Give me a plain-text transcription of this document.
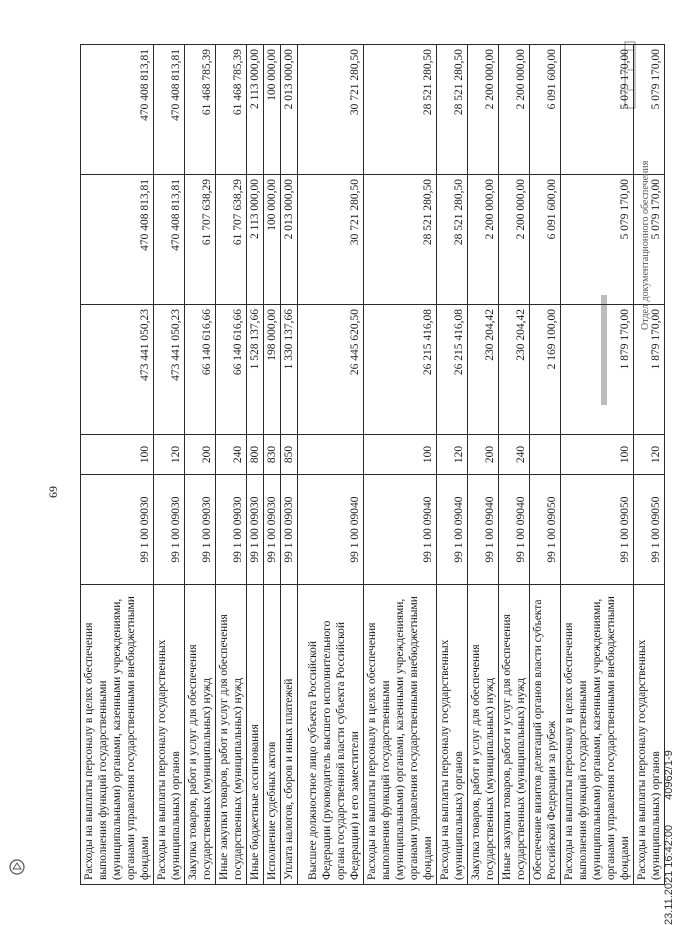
69
Расходы на выплаты персоналу в целях обеспечения выполнения функций государственными (муниципальными) органами, казенными учреждениями, органами управления государственными внебюджетными фондами	99 1 00 09030	100	473 441 050,23	470 408 813,81	470 408 813,81
Расходы на выплаты персоналу государственных (муниципальных) органов	99 1 00 09030	120	473 441 050,23	470 408 813,81	470 408 813,81
Закупка товаров, работ и услуг для обеспечения государственных (муниципальных) нужд	99 1 00 09030	200	66 140 616,66	61 707 638,29	61 468 785,39
Иные закупки товаров, работ и услуг для обеспечения государственных (муниципальных) нужд	99 1 00 09030	240	66 140 616,66	61 707 638,29	61 468 785,39
Иные бюджетные ассигнования	99 1 00 09030	800	1 528 137,66	2 113 000,00	2 113 000,00
Исполнение судебных актов	99 1 00 09030	830	198 000,00	100 000,00	100 000,00
Уплата налогов, сборов и иных платежей	99 1 00 09030	850	1 330 137,66	2 013 000,00	2 013 000,00
Высшее должностное лицо субъекта Российской Федерации (руководитель высшего исполнительного органа государственной власти субъекта Российской Федерации) и его заместители	99 1 00 09040		26 445 620,50	30 721 280,50	30 721 280,50
Расходы на выплаты персоналу в целях обеспечения выполнения функций государственными (муниципальными) органами, казенными учреждениями, органами управления государственными внебюджетными фондами	99 1 00 09040	100	26 215 416,08	28 521 280,50	28 521 280,50
Расходы на выплаты персоналу государственных (муниципальных) органов	99 1 00 09040	120	26 215 416,08	28 521 280,50	28 521 280,50
Закупка товаров, работ и услуг для обеспечения государственных (муниципальных) нужд	99 1 00 09040	200	230 204,42	2 200 000,00	2 200 000,00
Иные закупки товаров, работ и услуг для обеспечения государственных (муниципальных) нужд	99 1 00 09040	240	230 204,42	2 200 000,00	2 200 000,00
Обеспечение визитов делегаций органов власти субъекта Российской Федерации за рубеж	99 1 00 09050		2 169 100,00	6 091 600,00	6 091 600,00
Расходы на выплаты персоналу в целях обеспечения выполнения функций государственными (муниципальными) органами, казенными учреждениями, органами управления государственными внебюджетными фондами	99 1 00 09050	100	1 879 170,00	5 079 170,00	5 079 170,00
Расходы на выплаты персоналу государственных (муниципальных) органов	99 1 00 09050	120	1 879 170,00	5 079 170,00	5 079 170,00
Отдел документационного обеспечения
23.11.2021 16:42:00 40962/1-9
